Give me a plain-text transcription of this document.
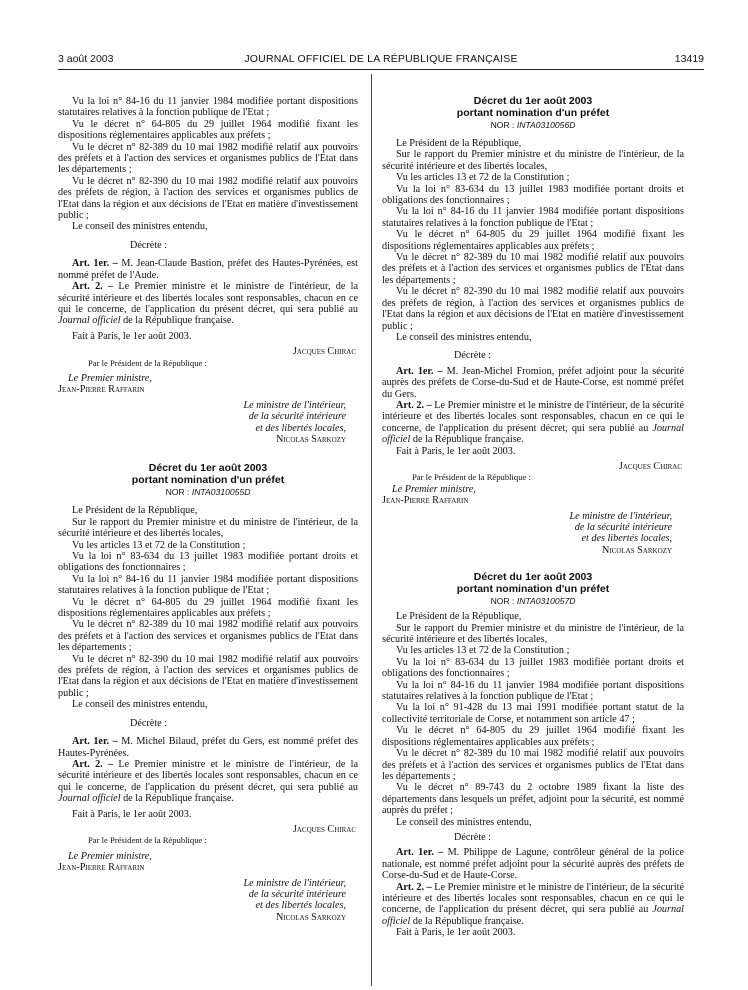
3 août 2003	JOURNAL OFFICIEL DE LA RÉPUBLIQUE FRANÇAISE	13419

Vu la loi n° 84-16 du 11 janvier 1984 modifiée portant dispositions statutaires relatives à la fonction publique de l'Etat ;

Vu le décret n° 64-805 du 29 juillet 1964 modifié fixant les dispositions réglementaires applicables aux préfets ;

Vu le décret n° 82-389 du 10 mai 1982 modifié relatif aux pouvoirs des préfets et à l'action des services et organismes publics de l'Etat dans les départements ;

Vu le décret n° 82-390 du 10 mai 1982 modifié relatif aux pouvoirs des préfets de région, à l'action des services et organismes publics de l'Etat dans la région et aux décisions de l'Etat en matière d'investissement public ;

Le conseil des ministres entendu,

Décrète :

Art. 1er. – M. Jean-Claude Bastion, préfet des Hautes-Pyrénées, est nommé préfet de l'Aude.

Art. 2. – Le Premier ministre et le ministre de l'intérieur, de la sécurité intérieure et des libertés locales sont responsables, chacun en ce qui le concerne, de l'application du présent décret, qui sera publié au Journal officiel de la République française.

Fait à Paris, le 1er août 2003.

Jacques Chirac

Par le Président de la République :

Le Premier ministre,

Jean-Pierre Raffarin

Le ministre de l'intérieur,

de la sécurité intérieure

et des libertés locales,

Nicolas Sarkozy

Décret du 1er août 2003
portant nomination d'un préfet
NOR : INTA0310055D

Le Président de la République,

Sur le rapport du Premier ministre et du ministre de l'intérieur, de la sécurité intérieure et des libertés locales,

Vu les articles 13 et 72 de la Constitution ;

Vu la loi n° 83-634 du 13 juillet 1983 modifiée portant droits et obligations des fonctionnaires ;

Vu la loi n° 84-16 du 11 janvier 1984 modifiée portant dispositions statutaires relatives à la fonction publique de l'Etat ;

Vu le décret n° 64-805 du 29 juillet 1964 modifié fixant les dispositions réglementaires applicables aux préfets ;

Vu le décret n° 82-389 du 10 mai 1982 modifié relatif aux pouvoirs des préfets et à l'action des services et organismes publics de l'Etat dans les départements ;

Vu le décret n° 82-390 du 10 mai 1982 modifié relatif aux pouvoirs des préfets de région, à l'action des services et organismes publics de l'Etat dans la région et aux décisions de l'Etat en matière d'investissement public ;

Le conseil des ministres entendu,

Décrète :

Art. 1er. – M. Michel Bilaud, préfet du Gers, est nommé préfet des Hautes-Pyrénées.

Art. 2. – Le Premier ministre et le ministre de l'intérieur, de la sécurité intérieure et des libertés locales sont responsables, chacun en ce qui le concerne, de l'application du présent décret, qui sera publié au Journal officiel de la République française.

Fait à Paris, le 1er août 2003.

Jacques Chirac

Par le Président de la République :

Le Premier ministre,

Jean-Pierre Raffarin

Le ministre de l'intérieur,

de la sécurité intérieure

et des libertés locales,

Nicolas Sarkozy

Décret du 1er août 2003
portant nomination d'un préfet
NOR : INTA0310056D

Le Président de la République,

Sur le rapport du Premier ministre et du ministre de l'intérieur, de la sécurité intérieure et des libertés locales,

Vu les articles 13 et 72 de la Constitution ;

Vu la loi n° 83-634 du 13 juillet 1983 modifiée portant droits et obligations des fonctionnaires ;

Vu la loi n° 84-16 du 11 janvier 1984 modifiée portant dispositions statutaires relatives à la fonction publique de l'Etat ;

Vu le décret n° 64-805 du 29 juillet 1964 modifié fixant les dispositions réglementaires applicables aux préfets ;

Vu le décret n° 82-389 du 10 mai 1982 modifié relatif aux pouvoirs des préfets et à l'action des services et organismes publics de l'Etat dans les départements ;

Vu le décret n° 82-390 du 10 mai 1982 modifié relatif aux pouvoirs des préfets de région, à l'action des services et organismes publics de l'Etat dans la région et aux décisions de l'Etat en matière d'investissement public ;

Le conseil des ministres entendu,

Décrète :

Art. 1er. – M. Jean-Michel Fromion, préfet adjoint pour la sécurité auprès des préfets de Corse-du-Sud et de Haute-Corse, est nommé préfet du Gers.

Art. 2. – Le Premier ministre et le ministre de l'intérieur, de la sécurité intérieure et des libertés locales sont responsables, chacun en ce qui le concerne, de l'application du présent décret, qui sera publié au Journal officiel de la République française.

Fait à Paris, le 1er août 2003.

Jacques Chirac

Par le Président de la République :

Le Premier ministre,

Jean-Pierre Raffarin

Le ministre de l'intérieur,

de la sécurité intérieure

et des libertés locales,

Nicolas Sarkozy

Décret du 1er août 2003
portant nomination d'un préfet
NOR : INTA0310057D

Le Président de la République,

Sur le rapport du Premier ministre et du ministre de l'intérieur, de la sécurité intérieure et des libertés locales,

Vu les articles 13 et 72 de la Constitution ;

Vu la loi n° 83-634 du 13 juillet 1983 modifiée portant droits et obligations des fonctionnaires ;

Vu la loi n° 84-16 du 11 janvier 1984 modifiée portant dispositions statutaires relatives à la fonction publique de l'Etat ;

Vu la loi n° 91-428 du 13 mai 1991 modifiée portant statut de la collectivité territoriale de Corse, et notamment son article 47 ;

Vu le décret n° 64-805 du 29 juillet 1964 modifié fixant les dispositions réglementaires applicables aux préfets ;

Vu le décret n° 82-389 du 10 mai 1982 modifié relatif aux pouvoirs des préfets et à l'action des services et organismes publics de l'Etat dans les départements ;

Vu le décret n° 89-743 du 2 octobre 1989 fixant la liste des départements dans lesquels un préfet, adjoint pour la sécurité, est nommé auprès du préfet ;

Le conseil des ministres entendu,

Décrète :

Art. 1er. – M. Philippe de Lagune, contrôleur général de la police nationale, est nommé préfet adjoint pour la sécurité auprès des préfets de Corse-du-Sud et de Haute-Corse.

Art. 2. – Le Premier ministre et le ministre de l'intérieur, de la sécurité intérieure et des libertés locales sont responsables, chacun en ce qui le concerne, de l'application du présent décret, qui sera publié au Journal officiel de la République française.

Fait à Paris, le 1er août 2003.
